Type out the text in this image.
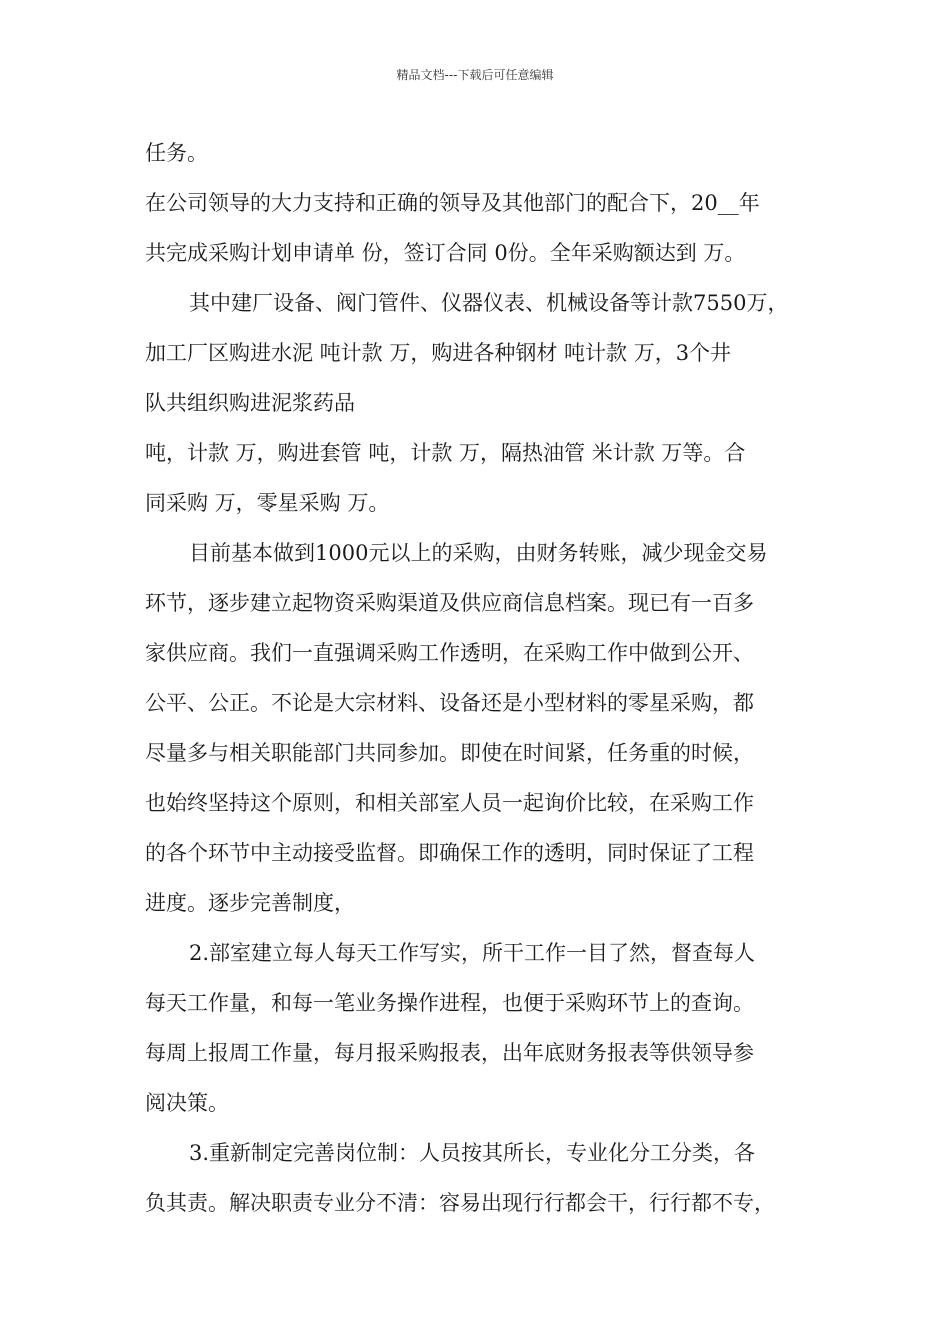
精品文档---下载后可任意编辑
任务。
在公司领导的大力支持和正确的领导及其他部门的配合下，20__年
共完成采购计划申请单 份，签订合同 0份。全年采购额达到 万。
其中建厂设备、阀门管件、仪器仪表、机械设备等计款7550万，
加工厂区购进水泥 吨计款 万，购进各种钢材 吨计款 万，3个井
队共组织购进泥浆药品
吨，计款 万，购进套管 吨，计款 万，隔热油管 米计款 万等。合
同采购 万，零星采购 万。
目前基本做到1000元以上的采购，由财务转账，减少现金交易
环节，逐步建立起物资采购渠道及供应商信息档案。现已有一百多
家供应商。我们一直强调采购工作透明，在采购工作中做到公开、
公平、公正。不论是大宗材料、设备还是小型材料的零星采购，都
尽量多与相关职能部门共同参加。即使在时间紧，任务重的时候，
也始终坚持这个原则，和相关部室人员一起询价比较，在采购工作
的各个环节中主动接受监督。即确保工作的透明，同时保证了工程
进度。逐步完善制度，
2.部室建立每人每天工作写实，所干工作一目了然，督查每人
每天工作量，和每一笔业务操作进程，也便于采购环节上的查询。
每周上报周工作量，每月报采购报表，出年底财务报表等供领导参
阅决策。
3.重新制定完善岗位制：人员按其所长，专业化分工分类，各
负其责。解决职责专业分不清：容易出现行行都会干，行行都不专，
